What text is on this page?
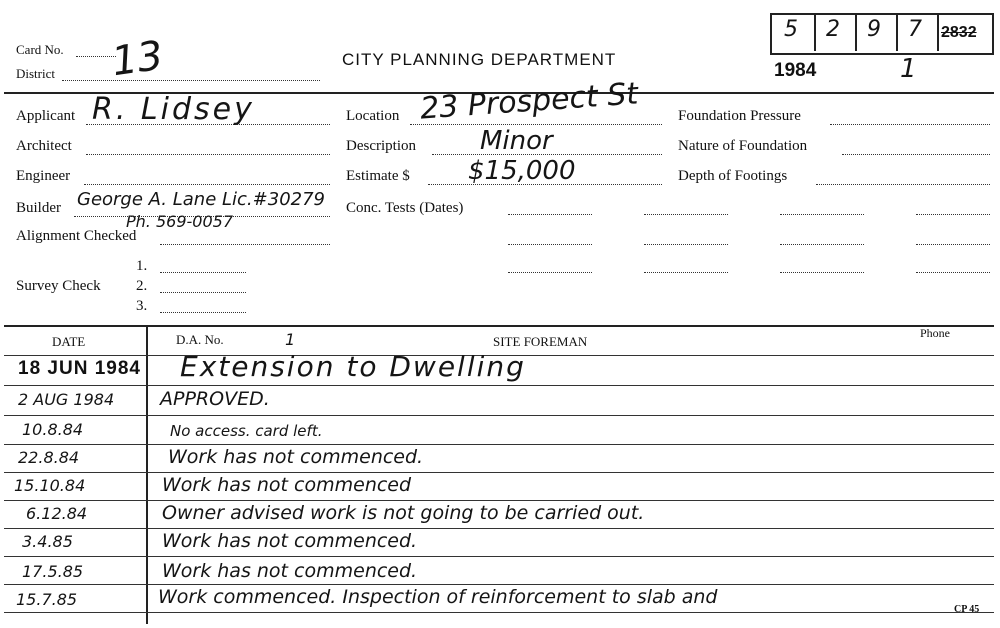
Card No.
District 13	CITY PLANNING DEPARTMENT
5 2 9 7 2832
1984	1
Applicant R. Lidsey
Architect
Engineer
Builder George A. Lane Lic.#30279
Ph. 569-0057
Alignment Checked
Survey Check
1.
2.
3.
Location 23 Prospect St
Description Minor
Estimate $ $15,000
Conc. Tests (Dates)
Foundation Pressure
Nature of Foundation
Depth of Footings
DATE	D.A. No.	1	SITE FOREMAN
Phone
18 JUN 1984 Extension to Dwelling
2 AUG 1984 APPROVED.
10.8.84	No access. card left.
22.8.84	Work has not commenced.
15.10.84	Work has not commenced
6.12.84	Owner advised work is not going to be carried out.
3.4.85	Work has not commenced.
17.5.85	Work has not commenced.
15.7.85	Work commenced. Inspection of reinforcement to slab and
CP 45
